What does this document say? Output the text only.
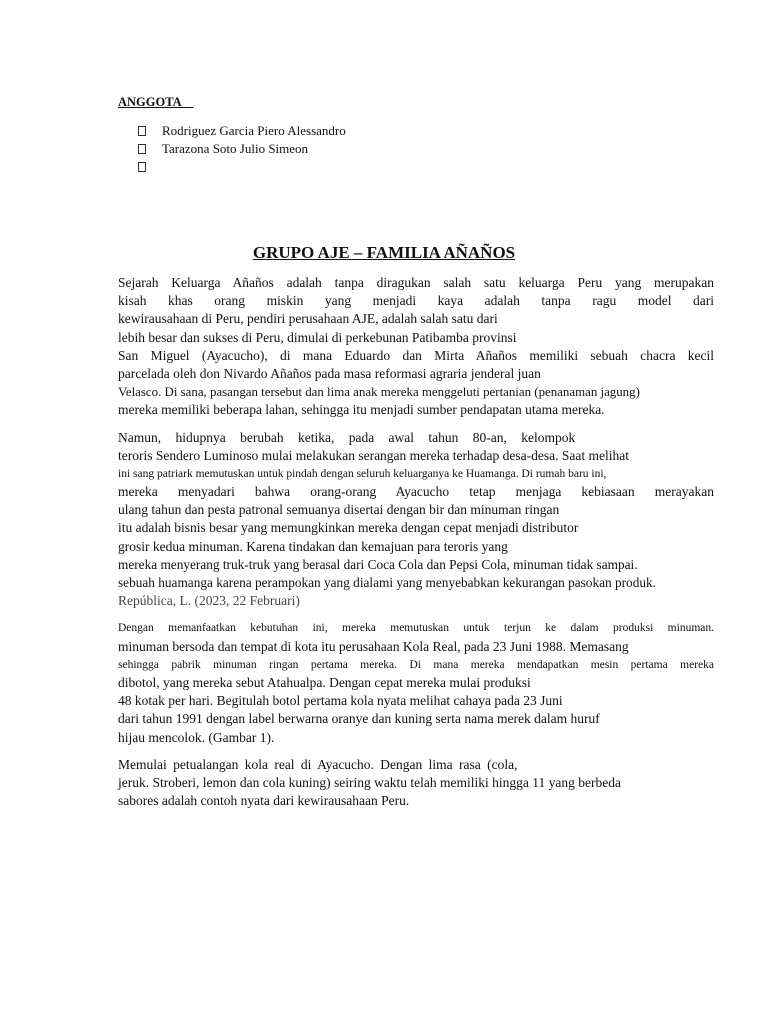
ANGGOTA

Rodriguez Garcia Piero Alessandro
Tarazona Soto Julio Simeon
GRUPO AJE – FAMILIA AÑAÑOS
Sejarah Keluarga Añaños adalah tanpa diragukan salah satu keluarga Peru yang merupakan
kisah khas orang miskin yang menjadi kaya adalah tanpa ragu model dari
kewirausahaan di Peru, pendiri perusahaan AJE, adalah salah satu dari
lebih besar dan sukses di Peru, dimulai di perkebunan Patibamba provinsi
San Miguel (Ayacucho), di mana Eduardo dan Mirta Añaños memiliki sebuah chacra kecil
parcelada oleh don Nivardo Añaños pada masa reformasi agraria jenderal juan
Velasco. Di sana, pasangan tersebut dan lima anak mereka menggeluti pertanian (penanaman jagung)
mereka memiliki beberapa lahan, sehingga itu menjadi sumber pendapatan utama mereka.
Namun, hidupnya berubah ketika, pada awal tahun 80-an, kelompok
teroris Sendero Luminoso mulai melakukan serangan mereka terhadap desa-desa. Saat melihat
ini sang patriark memutuskan untuk pindah dengan seluruh keluarganya ke Huamanga. Di rumah baru ini,
mereka menyadari bahwa orang-orang Ayacucho tetap menjaga kebiasaan merayakan
ulang tahun dan pesta patronal semuanya disertai dengan bir dan minuman ringan
itu adalah bisnis besar yang memungkinkan mereka dengan cepat menjadi distributor
grosir kedua minuman. Karena tindakan dan kemajuan para teroris yang
mereka menyerang truk-truk yang berasal dari Coca Cola dan Pepsi Cola, minuman tidak sampai.
sebuah huamanga karena perampokan yang dialami yang menyebabkan kekurangan pasokan produk.
República, L. (2023, 22 Februari)
Dengan memanfaatkan kebutuhan ini, mereka memutuskan untuk terjun ke dalam produksi minuman.
minuman bersoda dan tempat di kota itu perusahaan Kola Real, pada 23 Juni 1988. Memasang
sehingga pabrik minuman ringan pertama mereka. Di mana mereka mendapatkan mesin pertama mereka
dibotol, yang mereka sebut Atahualpa. Dengan cepat mereka mulai produksi
48 kotak per hari. Begitulah botol pertama kola nyata melihat cahaya pada 23 Juni
dari tahun 1991 dengan label berwarna oranye dan kuning serta nama merek dalam huruf
hijau mencolok. (Gambar 1).
Memulai petualangan kola real di Ayacucho. Dengan lima rasa (cola,
jeruk. Stroberi, lemon dan cola kuning) seiring waktu telah memiliki hingga 11 yang berbeda
sabores adalah contoh nyata dari kewirausahaan Peru.
